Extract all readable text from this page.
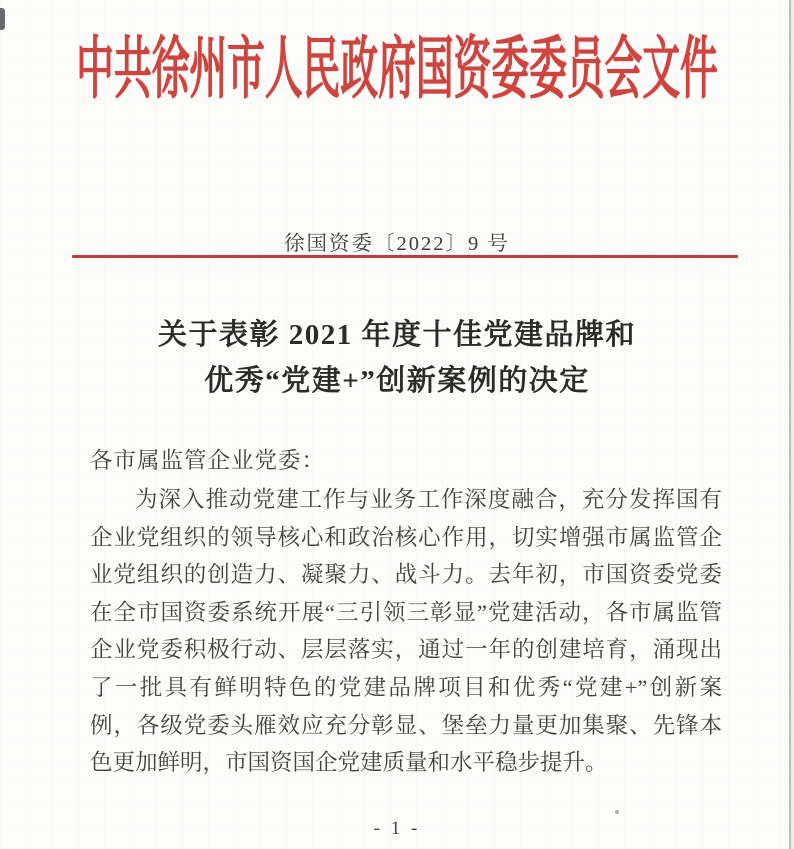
中共徐州市人民政府国资委委员会文件
徐国资委〔2022〕9 号
关于表彰 2021 年度十佳党建品牌和
优秀“党建+”创新案例的决定
各市属监管企业党委：
为深入推动党建工作与业务工作深度融合，充分发挥国有
企业党组织的领导核心和政治核心作用，切实增强市属监管企
业党组织的创造力、凝聚力、战斗力。去年初，市国资委党委
在全市国资委系统开展“三引领三彰显”党建活动，各市属监管
企业党委积极行动、层层落实，通过一年的创建培育，涌现出
了一批具有鲜明特色的党建品牌项目和优秀“党建+”创新案
例，各级党委头雁效应充分彰显、堡垒力量更加集聚、先锋本
色更加鲜明，市国资国企党建质量和水平稳步提升。
- 1 -
